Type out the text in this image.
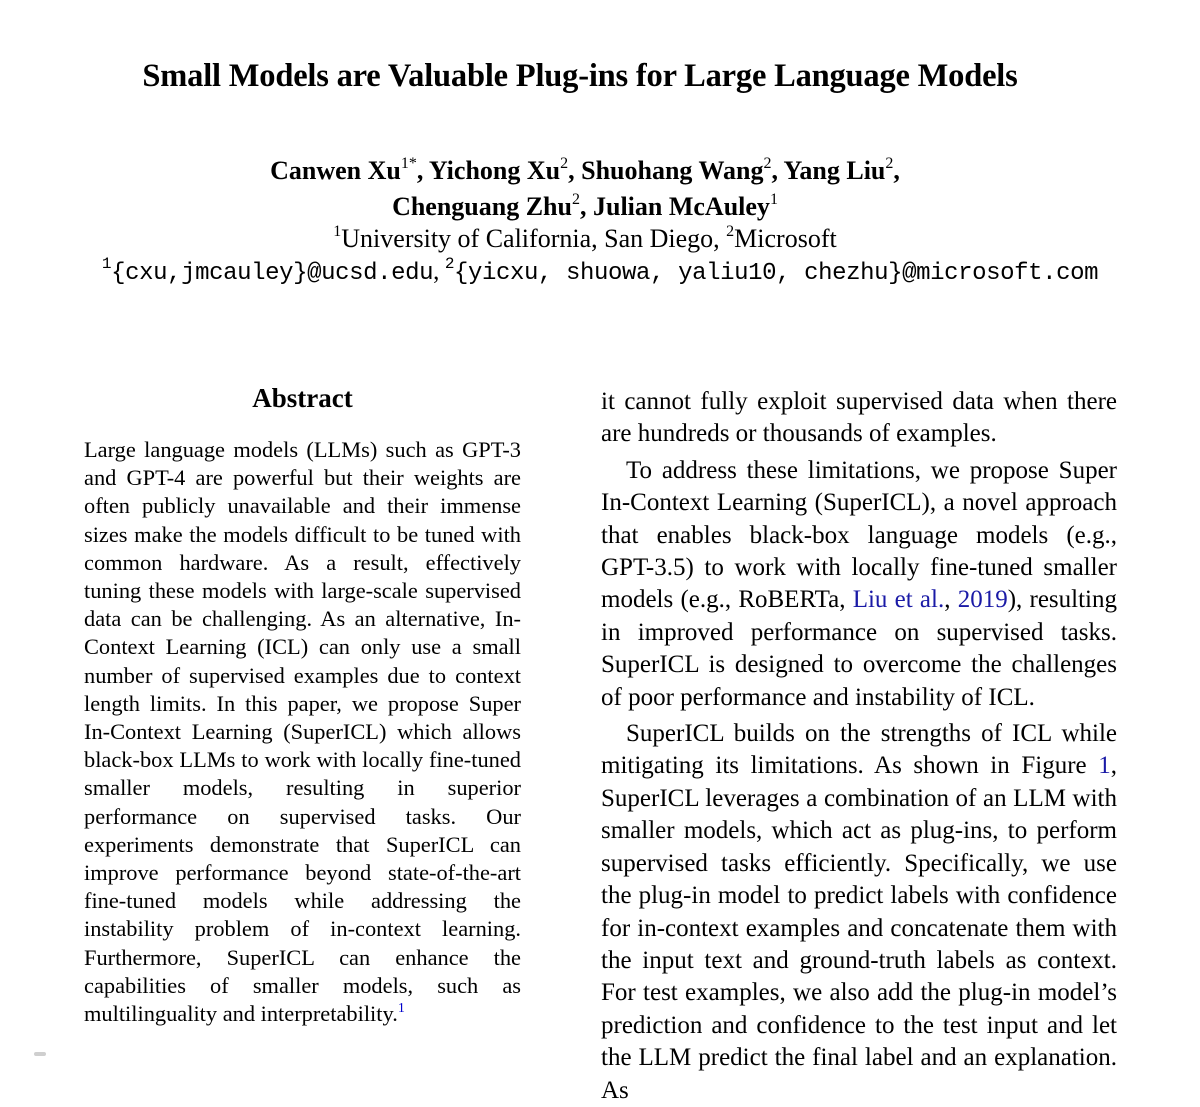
Small Models are Valuable Plug-ins for Large Language Models
Canwen $Xu^{1*}$, Yichong Xu$^2$, Shuohang Wang$^2$, Yang Liu$^2$,
Chenguang Zhu$^2$, Julian McAuley$^1$
$^1$University of California, San Diego, $^2$Microsoft
$^1${cxu,jmcauley}@ucsd.edu, $^2${yicxu, shuowa, yaliu10, chezhu}@microsoft.com
Abstract

Large language models (LLMs) such as GPT-3 and GPT-4 are powerful but their weights are often publicly unavailable and their immense sizes make the models difficult to be tuned with common hardware. As a result, effectively tuning these models with large-scale supervised data can be challenging. As an alternative, In-Context Learning (ICL) can only use a small number of supervised examples due to context length limits. In this paper, we propose Super In-Context Learning (SuperICL) which allows black-box LLMs to work with locally fine-tuned smaller models, resulting in superior performance on supervised tasks. Our experiments demonstrate that SuperICL can improve performance beyond state-of-the-art fine-tuned models while addressing the instability problem of in-context learning. Furthermore, SuperICL can enhance the capabilities of smaller models, such as multilinguality and interpretability.$^1$

it cannot fully exploit supervised data when there are hundreds or thousands of examples.

To address these limitations, we propose Super In-Context Learning (SuperICL), a novel approach that enables black-box language models (e.g., GPT-3.5) to work with locally fine-tuned smaller models (e.g., RoBERTa, Liu et al., 2019), resulting in improved performance on supervised tasks. SuperICL is designed to overcome the challenges of poor performance and instability of ICL.

SuperICL builds on the strengths of ICL while mitigating its limitations. As shown in Figure 1, SuperICL leverages a combination of an LLM with smaller models, which act as plug-ins, to perform supervised tasks efficiently. Specifically, we use the plug-in model to predict labels with confidence for in-context examples and concatenate them with the input text and ground-truth labels as context. For test examples, we also add the plug-in model’s prediction and confidence to the test input and let the LLM predict the final label and an explanation. As
